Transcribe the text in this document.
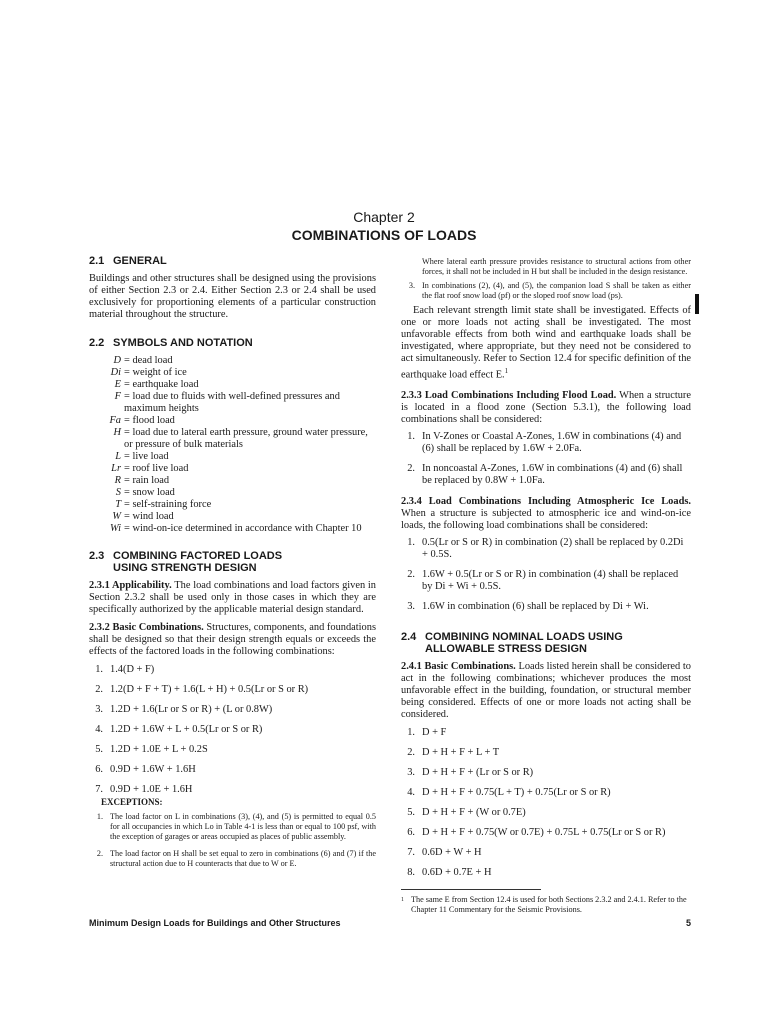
Chapter 2
COMBINATIONS OF LOADS
2.1 GENERAL

Buildings and other structures shall be designed using the provisions of either Section 2.3 or 2.4. Either Section 2.3 or 2.4 shall be used exclusively for proportioning elements of a particular construction material throughout the structure.

2.2 SYMBOLS AND NOTATION
D = dead load
Di = weight of ice
E = earthquake load
F = load due to fluids with well-defined pressures and maximum heights
Fa = flood load
H = load due to lateral earth pressure, ground water pressure, or pressure of bulk materials
L = live load
Lr = roof live load
R = rain load
S = snow load
T = self-straining force
W = wind load
Wi = wind-on-ice determined in accordance with Chapter 10
2.3 COMBINING FACTORED LOADS
USING STRENGTH DESIGN

2.3.1 Applicability. The load combinations and load factors given in Section 2.3.2 shall be used only in those cases in which they are specifically authorized by the applicable material design standard.

2.3.2 Basic Combinations. Structures, components, and foundations shall be designed so that their design strength equals or exceeds the effects of the factored loads in the following combinations:

1. 1.4(D + F)
2. 1.2(D + F + T) + 1.6(L + H) + 0.5(Lr or S or R)
3. 1.2D + 1.6(Lr or S or R) + (L or 0.8W)
4. 1.2D + 1.6W + L + 0.5(Lr or S or R)
5. 1.2D + 1.0E + L + 0.2S
6. 0.9D + 1.6W + 1.6H
7. 0.9D + 1.0E + 1.6H
EXCEPTIONS:
1. The load factor on L in combinations (3), (4), and (5) is permitted to equal 0.5 for all occupancies in which Lo in Table 4-1 is less than or equal to 100 psf, with the exception of garages or areas occupied as places of public assembly.
2. The load factor on H shall be set equal to zero in combinations (6) and (7) if the structural action due to H counteracts that due to W or E.
Where lateral earth pressure provides resistance to structural actions from other forces, it shall not be included in H but shall be included in the design resistance.
3. In combinations (2), (4), and (5), the companion load S shall be taken as either the flat roof snow load (pf) or the sloped roof snow load (ps).

Each relevant strength limit state shall be investigated. Effects of one or more loads not acting shall be investigated. The most unfavorable effects from both wind and earthquake loads shall be investigated, where appropriate, but they need not be considered to act simultaneously. Refer to Section 12.4 for specific definition of the earthquake load effect E.$^1$

2.3.3 Load Combinations Including Flood Load. When a structure is located in a flood zone (Section 5.3.1), the following load combinations shall be considered:

1. In V-Zones or Coastal A-Zones, 1.6W in combinations (4) and (6) shall be replaced by 1.6W + 2.0Fa.
2. In noncoastal A-Zones, 1.6W in combinations (4) and (6) shall be replaced by 0.8W + 1.0Fa.

2.3.4 Load Combinations Including Atmospheric Ice Loads. When a structure is subjected to atmospheric ice and wind-on-ice loads, the following load combinations shall be considered:

1. 0.5(Lr or S or R) in combination (2) shall be replaced by 0.2Di + 0.5S.
2. 1.6W + 0.5(Lr or S or R) in combination (4) shall be replaced by Di + Wi + 0.5S.
3. 1.6W in combination (6) shall be replaced by Di + Wi.
2.4 COMBINING NOMINAL LOADS USING
ALLOWABLE STRESS DESIGN

2.4.1 Basic Combinations. Loads listed herein shall be considered to act in the following combinations; whichever produces the most unfavorable effect in the building, foundation, or structural member being considered. Effects of one or more loads not acting shall be considered.

1. D + F
2. D + H + F + L + T
3. D + H + F + (Lr or S or R)
4. D + H + F + 0.75(L + T) + 0.75(Lr or S or R)
5. D + H + F + (W or 0.7E)
6. D + H + F + 0.75(W or 0.7E) + 0.75L + 0.75(Lr or S or R)
7. 0.6D + W + H
8. 0.6D + 0.7E + H
1 The same E from Section 12.4 is used for both Sections 2.3.2 and 2.4.1. Refer to the Chapter 11 Commentary for the Seismic Provisions.
Minimum Design Loads for Buildings and Other Structures	5
